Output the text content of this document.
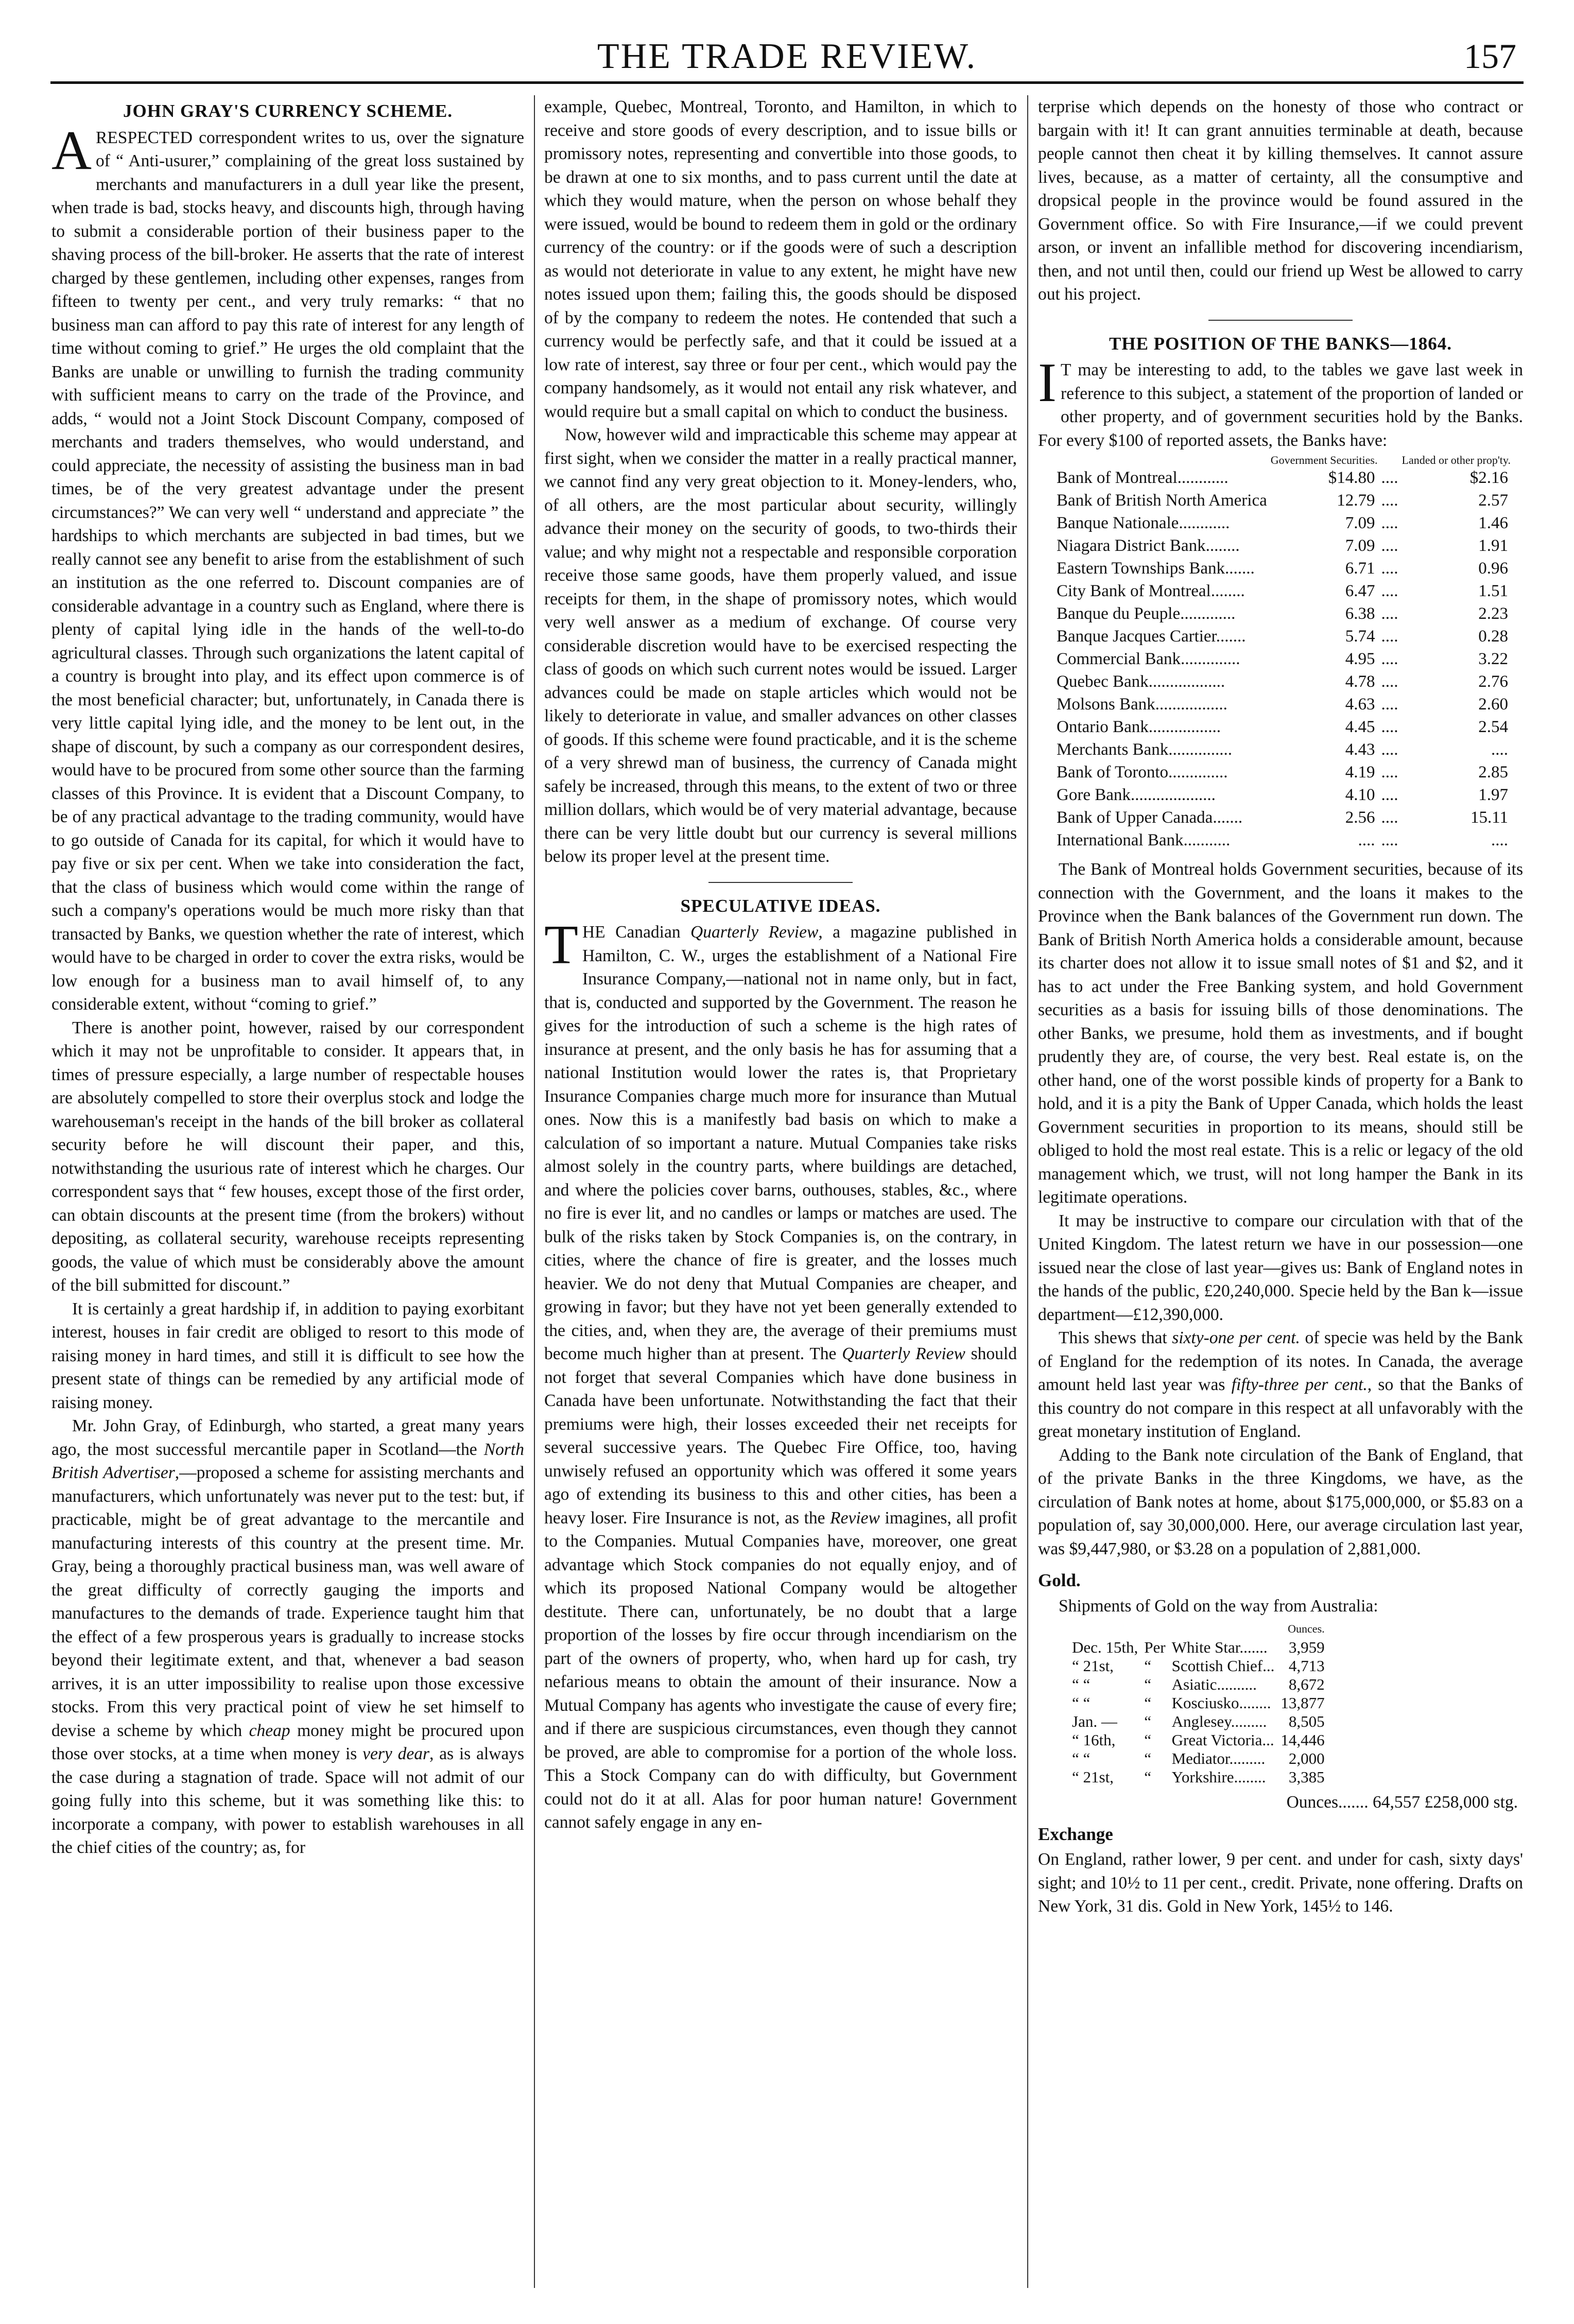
THE TRADE REVIEW.	157
JOHN GRAY'S CURRENCY SCHEME.

ARESPECTED correspondent writes to us, over the signature of “ Anti-usurer,” complaining of the great loss sustained by merchants and manufacturers in a dull year like the present, when trade is bad, stocks heavy, and discounts high, through having to submit a considerable portion of their business paper to the shaving process of the bill-broker. He asserts that the rate of interest charged by these gentlemen, including other expenses, ranges from fifteen to twenty per cent., and very truly remarks: “ that no business man can afford to pay this rate of interest for any length of time without coming to grief.” He urges the old complaint that the Banks are unable or unwilling to furnish the trading community with sufficient means to carry on the trade of the Province, and adds, “ would not a Joint Stock Discount Company, composed of merchants and traders themselves, who would understand, and could appreciate, the necessity of assisting the business man in bad times, be of the very greatest advantage under the present circumstances?” We can very well “ understand and appreciate ” the hardships to which merchants are subjected in bad times, but we really cannot see any benefit to arise from the establishment of such an institution as the one referred to. Discount companies are of considerable advantage in a country such as England, where there is plenty of capital lying idle in the hands of the well-to-do agricultural classes. Through such organizations the latent capital of a country is brought into play, and its effect upon commerce is of the most beneficial character; but, unfortunately, in Canada there is very little capital lying idle, and the money to be lent out, in the shape of discount, by such a company as our correspondent desires, would have to be procured from some other source than the farming classes of this Province. It is evident that a Discount Company, to be of any practical advantage to the trading community, would have to go outside of Canada for its capital, for which it would have to pay five or six per cent. When we take into consideration the fact, that the class of business which would come within the range of such a company's operations would be much more risky than that transacted by Banks, we question whether the rate of interest, which would have to be charged in order to cover the extra risks, would be low enough for a business man to avail himself of, to any considerable extent, without “coming to grief.”

There is another point, however, raised by our correspondent which it may not be unprofitable to consider. It appears that, in times of pressure especially, a large number of respectable houses are absolutely compelled to store their overplus stock and lodge the warehouseman's receipt in the hands of the bill broker as collateral security before he will discount their paper, and this, notwithstanding the usurious rate of interest which he charges. Our correspondent says that “ few houses, except those of the first order, can obtain discounts at the present time (from the brokers) without depositing, as collateral security, warehouse receipts representing goods, the value of which must be considerably above the amount of the bill submitted for discount.”

It is certainly a great hardship if, in addition to paying exorbitant interest, houses in fair credit are obliged to resort to this mode of raising money in hard times, and still it is difficult to see how the present state of things can be remedied by any artificial mode of raising money.

Mr. John Gray, of Edinburgh, who started, a great many years ago, the most successful mercantile paper in Scotland—the North British Advertiser,—proposed a scheme for assisting merchants and manufacturers, which unfortunately was never put to the test: but, if practicable, might be of great advantage to the mercantile and manufacturing interests of this country at the present time. Mr. Gray, being a thoroughly practical business man, was well aware of the great difficulty of correctly gauging the imports and manufactures to the demands of trade. Experience taught him that the effect of a few prosperous years is gradually to increase stocks beyond their legitimate extent, and that, whenever a bad season arrives, it is an utter impossibility to realise upon those excessive stocks. From this very practical point of view he set himself to devise a scheme by which cheap money might be procured upon those over stocks, at a time when money is very dear, as is always the case during a stagnation of trade. Space will not admit of our going fully into this scheme, but it was something like this: to incorporate a company, with power to establish warehouses in all the chief cities of the country; as, for

example, Quebec, Montreal, Toronto, and Hamilton, in which to receive and store goods of every description, and to issue bills or promissory notes, representing and convertible into those goods, to be drawn at one to six months, and to pass current until the date at which they would mature, when the person on whose behalf they were issued, would be bound to redeem them in gold or the ordinary currency of the country: or if the goods were of such a description as would not deteriorate in value to any extent, he might have new notes issued upon them; failing this, the goods should be disposed of by the company to redeem the notes. He contended that such a currency would be perfectly safe, and that it could be issued at a low rate of interest, say three or four per cent., which would pay the company handsomely, as it would not entail any risk whatever, and would require but a small capital on which to conduct the business.

Now, however wild and impracticable this scheme may appear at first sight, when we consider the matter in a really practical manner, we cannot find any very great objection to it. Money-lenders, who, of all others, are the most particular about security, willingly advance their money on the security of goods, to two-thirds their value; and why might not a respectable and responsible corporation receive those same goods, have them properly valued, and issue receipts for them, in the shape of promissory notes, which would very well answer as a medium of exchange. Of course very considerable discretion would have to be exercised respecting the class of goods on which such current notes would be issued. Larger advances could be made on staple articles which would not be likely to deteriorate in value, and smaller advances on other classes of goods. If this scheme were found practicable, and it is the scheme of a very shrewd man of business, the currency of Canada might safely be increased, through this means, to the extent of two or three million dollars, which would be of very material advantage, because there can be very little doubt but our currency is several millions below its proper level at the present time.

SPECULATIVE IDEAS.

THE Canadian Quarterly Review, a magazine published in Hamilton, C. W., urges the establishment of a National Fire Insurance Company,—national not in name only, but in fact, that is, conducted and supported by the Government. The reason he gives for the introduction of such a scheme is the high rates of insurance at present, and the only basis he has for assuming that a national Institution would lower the rates is, that Proprietary Insurance Companies charge much more for insurance than Mutual ones. Now this is a manifestly bad basis on which to make a calculation of so important a nature. Mutual Companies take risks almost solely in the country parts, where buildings are detached, and where the policies cover barns, outhouses, stables, &c., where no fire is ever lit, and no candles or lamps or matches are used. The bulk of the risks taken by Stock Companies is, on the contrary, in cities, where the chance of fire is greater, and the losses much heavier. We do not deny that Mutual Companies are cheaper, and growing in favor; but they have not yet been generally extended to the cities, and, when they are, the average of their premiums must become much higher than at present. The Quarterly Review should not forget that several Companies which have done business in Canada have been unfortunate. Notwithstanding the fact that their premiums were high, their losses exceeded their net receipts for several successive years. The Quebec Fire Office, too, having unwisely refused an opportunity which was offered it some years ago of extending its business to this and other cities, has been a heavy loser. Fire Insurance is not, as the Review imagines, all profit to the Companies. Mutual Companies have, moreover, one great advantage which Stock companies do not equally enjoy, and of which its proposed National Company would be altogether destitute. There can, unfortunately, be no doubt that a large proportion of the losses by fire occur through incendiarism on the part of the owners of property, who, when hard up for cash, try nefarious means to obtain the amount of their insurance. Now a Mutual Company has agents who investigate the cause of every fire; and if there are suspicious circumstances, even though they cannot be proved, are able to compromise for a portion of the whole loss. This a Stock Company can do with difficulty, but Government could not do it at all. Alas for poor human nature! Government cannot safely engage in any en-

terprise which depends on the honesty of those who contract or bargain with it! It can grant annuities terminable at death, because people cannot then cheat it by killing themselves. It cannot assure lives, because, as a matter of certainty, all the consumptive and dropsical people in the province would be found assured in the Government office. So with Fire Insurance,—if we could prevent arson, or invent an infallible method for discovering incendiarism, then, and not until then, could our friend up West be allowed to carry out his project.

THE POSITION OF THE BANKS—1864.

I T may be interesting to add, to the tables we gave last week in reference to this subject, a statement of the proportion of landed or other property, and of government securities hold by the Banks. For every $100 of reported assets, the Banks have:

	Government Securities.		Landed or other prop'ty.
Bank of Montreal............	$14.80	....	$2.16
Bank of British North America	12.79	....	2.57
Banque Nationale............	7.09	....	1.46
Niagara District Bank........	7.09	....	1.91
Eastern Townships Bank.......	6.71	....	0.96
City Bank of Montreal........	6.47	....	1.51
Banque du Peuple.............	6.38	....	2.23
Banque Jacques Cartier.......	5.74	....	0.28
Commercial Bank..............	4.95	....	3.22
Quebec Bank..................	4.78	....	2.76
Molsons Bank.................	4.63	....	2.60
Ontario Bank.................	4.45	....	2.54
Merchants Bank...............	4.43	....	....
Bank of Toronto..............	4.19	....	2.85
Gore Bank....................	4.10	....	1.97
Bank of Upper Canada.......	2.56	....	15.11
International Bank...........	....	....	....

The Bank of Montreal holds Government securities, because of its connection with the Government, and the loans it makes to the Province when the Bank balances of the Government run down. The Bank of British North America holds a considerable amount, because its charter does not allow it to issue small notes of $1 and $2, and it has to act under the Free Banking system, and hold Government securities as a basis for issuing bills of those denominations. The other Banks, we presume, hold them as investments, and if bought prudently they are, of course, the very best. Real estate is, on the other hand, one of the worst possible kinds of property for a Bank to hold, and it is a pity the Bank of Upper Canada, which holds the least Government securities in proportion to its means, should still be obliged to hold the most real estate. This is a relic or legacy of the old management which, we trust, will not long hamper the Bank in its legitimate operations.

It may be instructive to compare our circulation with that of the United Kingdom. The latest return we have in our possession—one issued near the close of last year—gives us: Bank of England notes in the hands of the public, £20,240,000. Specie held by the Ban k—issue department—£12,390,000.

This shews that sixty-one per cent. of specie was held by the Bank of England for the redemption of its notes. In Canada, the average amount held last year was fifty-three per cent., so that the Banks of this country do not compare in this respect at all unfavorably with the great monetary institution of England.

Adding to the Bank note circulation of the Bank of England, that of the private Banks in the three Kingdoms, we have, as the circulation of Bank notes at home, about $175,000,000, or $5.83 on a population of, say 30,000,000. Here, our average circulation last year, was $9,447,980, or $3.28 on a population of 2,881,000.

Gold.

Shipments of Gold on the way from Australia:

			Ounces.
Dec. 15th,	Per	White Star.......	3,959
“ 21st,	“	Scottish Chief...	4,713
“ “	“	Asiatic..........	8,672
“ “	“	Kosciusko........	13,877
Jan. —	“	Anglesey.........	8,505
“ 16th,	“	Great Victoria...	14,446
“ “	“	Mediator.........	2,000
“ 21st,	“	Yorkshire........	3,385

Ounces....... 64,557 £258,000 stg.

Exchange

On England, rather lower, 9 per cent. and under for cash, sixty days' sight; and 10½ to 11 per cent., credit. Private, none offering. Drafts on New York, 31 dis. Gold in New York, 145½ to 146.
